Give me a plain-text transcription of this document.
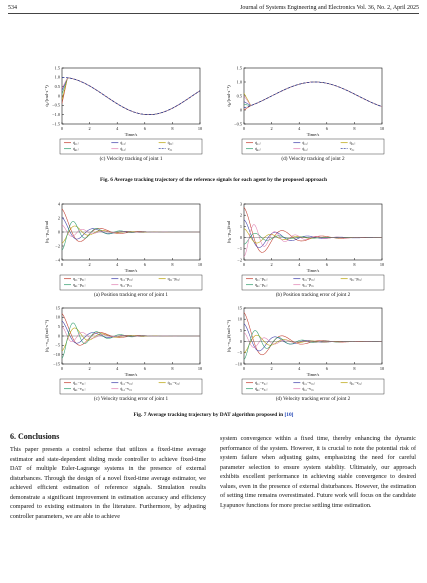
534	Journal of Systems Engineering and Electronics Vol. 36, No. 2, April 2025
1.5
1.0
0.5
0
−0.5
−1.0
−1.5
0	2	4	6	8	10
q̇₁/(rad·s⁻¹)
Time/s
q̇₁₁;	q̇₂₁;	q̇₃₁;
q̇₄₁;	q̇₅₁;	v₀₁
(c) Velocity tracking of joint 1
1.5
1.0
0.5
0
−0.5
0	2	4	6	8	10
q̇₂/(rad·s⁻¹)
Time/s
q̇₁₂;	q̇₂₂;	q̇₃₂;
q̇₄₂;	q̇₅₂;	v₀₂
(d) Velocity tracking of joint 2
Fig. 6 Average tracking trajectory of the reference signals for each agent by the proposed approach
4
2
0
−2
−4
0	2	4	6	8	10
(q₁−p₀₁)/rad
Time/s
q₁₁−p₀₁;	q₂₁−p₀₁;	q₃₁−p₀₁;
q₄₁−p₀₁;	q₅₁−p₀₁
(a) Position tracking error of joint 1
3
2
1
0
−1
−2
0	2	4	6	8	10
(q₂−p₀₂)/rad
Time/s
q₁₂−p₀₂;	q₂₂−p₀₂;	q₃₂−p₀₂;
q₄₂−p₀₂;	q₅₂−p₀₂
(b) Position tracking error of joint 2
15
10
5
0
−5
−10
−15
0	2	4	6	8	10
(q̇₁−v₀₁)/(rad·s⁻¹)
Time/s
q̇₁₁−v₀₁;	q̇₂₁−v₀₁;	q̇₃₁−v₀₁;
q̇₄₁−v₀₁;	q̇₅₁−v₀₁
(c) Velocity tracking error of joint 1
15
10
5
0
−5
−10
0	2	4	6	8	10
(q̇₂−v₀₂)/(rad·s⁻¹)
Time/s
q̇₁₂−v₀₂;	q̇₂₂−v₀₂;	q̇₃₂−v₀₂;
q̇₄₂−v₀₂;	q̇₅₂−v₀₂
(d) Velocity tracking error of joint 2
Fig. 7 Average tracking trajectory by DAT algorithm proposed in [10]
6. Conclusions

This paper presents a control scheme that utilizes a fixed-time average estimator and state-dependent sliding mode controller to achieve fixed-time DAT of multiple Euler-Lagrange systems in the presence of external disturbances. Through the design of a novel fixed-time average estimator, we achieved efficient estimation of reference signals. Simulation results demonstrate a significant improvement in estimation accuracy and efficiency compared to existing estimators in the literature. Furthermore, by adjusting controller parameters, we are able to achieve

system convergence within a fixed time, thereby enhancing the dynamic performance of the system. However, it is crucial to note the potential risk of system failure when adjusting gains, emphasizing the need for careful parameter selection to ensure system stability. Ultimately, our approach exhibits excellent performance in achieving stable convergence to desired values, even in the presence of external disturbances. However, the estimation of setting time remains overestimated. Future work will focus on the candidate Lyapunov functions for more precise settling time estimation.
